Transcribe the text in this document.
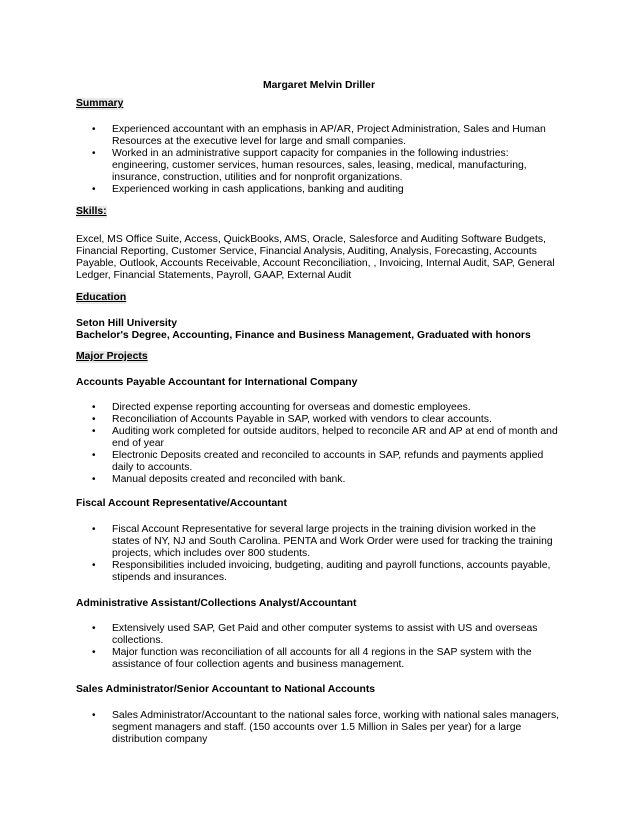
Margaret Melvin Driller
Summary
• Experienced accountant with an emphasis in AP/AR, Project Administration, Sales and Human Resources at the executive level for large and small companies.
• Worked in an administrative support capacity for companies in the following industries: engineering, customer services, human resources, sales, leasing, medical, manufacturing, insurance, construction, utilities and for nonprofit organizations.
• Experienced working in cash applications, banking and auditing
Skills:

Excel, MS Office Suite, Access, QuickBooks, AMS, Oracle, Salesforce and Auditing Software Budgets, Financial Reporting, Customer Service, Financial Analysis, Auditing, Analysis, Forecasting, Accounts Payable, Outlook, Accounts Receivable, Account Reconciliation, , Invoicing, Internal Audit, SAP, General Ledger, Financial Statements, Payroll, GAAP, External Audit

Education
Seton Hill University
Bachelor's Degree, Accounting, Finance and Business Management, Graduated with honors
Major Projects
Accounts Payable Accountant for International Company
• Directed expense reporting accounting for overseas and domestic employees.
• Reconciliation of Accounts Payable in SAP, worked with vendors to clear accounts.
• Auditing work completed for outside auditors, helped to reconcile AR and AP at end of month and end of year
• Electronic Deposits created and reconciled to accounts in SAP, refunds and payments applied daily to accounts.
• Manual deposits created and reconciled with bank.
Fiscal Account Representative/Accountant
• Fiscal Account Representative for several large projects in the training division worked in the states of NY, NJ and South Carolina. PENTA and Work Order were used for tracking the training projects, which includes over 800 students.
• Responsibilities included invoicing, budgeting, auditing and payroll functions, accounts payable, stipends and insurances.
Administrative Assistant/Collections Analyst/Accountant
• Extensively used SAP, Get Paid and other computer systems to assist with US and overseas collections.
• Major function was reconciliation of all accounts for all 4 regions in the SAP system with the assistance of four collection agents and business management.
Sales Administrator/Senior Accountant to National Accounts
• Sales Administrator/Accountant to the national sales force, working with national sales managers, segment managers and staff. (150 accounts over 1.5 Million in Sales per year) for a large distribution company
